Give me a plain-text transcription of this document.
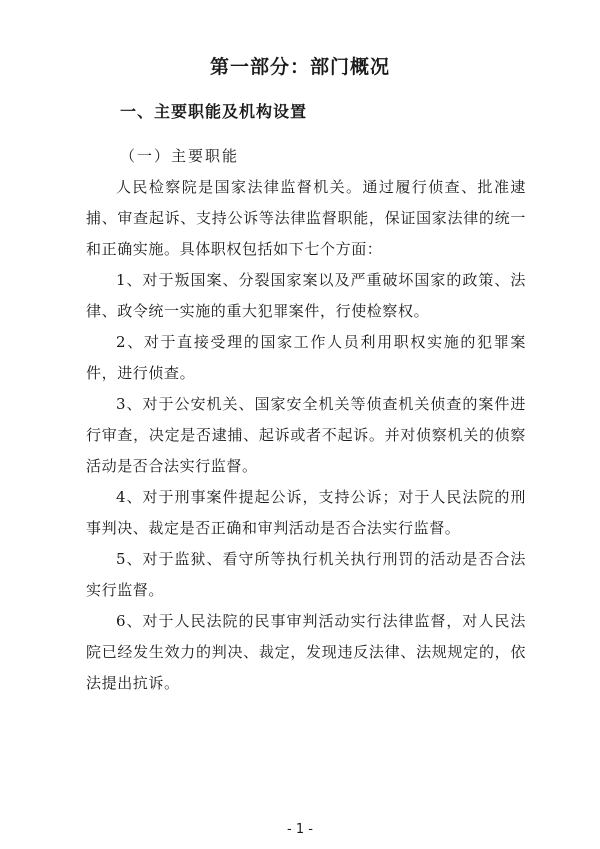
第一部分：部门概况
一、主要职能及机构设置
（一）主要职能

人民检察院是国家法律监督机关。通过履行侦查、批准逮捕、审查起诉、支持公诉等法律监督职能，保证国家法律的统一和正确实施。具体职权包括如下七个方面：

1、对于叛国案、分裂国家案以及严重破坏国家的政策、法律、政令统一实施的重大犯罪案件，行使检察权。

2、对于直接受理的国家工作人员利用职权实施的犯罪案件，进行侦查。

3、对于公安机关、国家安全机关等侦查机关侦查的案件进行审查，决定是否逮捕、起诉或者不起诉。并对侦察机关的侦察活动是否合法实行监督。

4、对于刑事案件提起公诉，支持公诉；对于人民法院的刑事判决、裁定是否正确和审判活动是否合法实行监督。

5、对于监狱、看守所等执行机关执行刑罚的活动是否合法实行监督。

6、对于人民法院的民事审判活动实行法律监督，对人民法院已经发生效力的判决、裁定，发现违反法律、法规规定的，依法提出抗诉。

- 1 -
